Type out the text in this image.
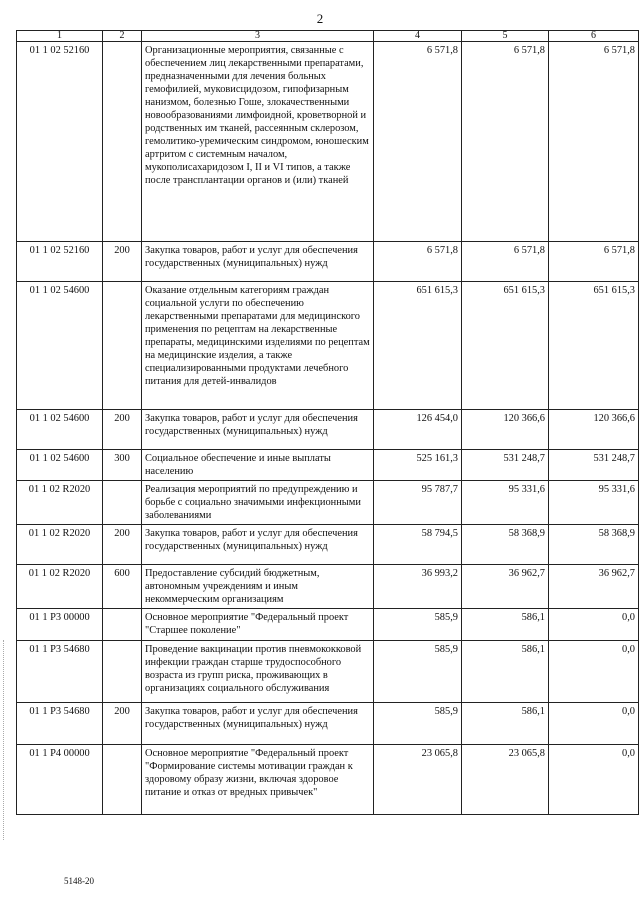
2
1	2	3	4	5	6
01 1 02 52160		Организационные мероприятия, связанные с обеспечением лиц лекарственными препаратами, предназначенными для лечения больных гемофилией, муковисцидозом, гипофизарным нанизмом, болезнью Гоше, злокачественными новообразованиями лимфоидной, кроветворной и родственных им тканей, рассеянным склерозом, гемолитико-уремическим синдромом, юношеским артритом с системным началом, мукополисахаридозом I, II и VI типов, а также после трансплантации органов и (или) тканей	6 571,8	6 571,8	6 571,8
01 1 02 52160	200	Закупка товаров, работ и услуг для обеспечения государственных (муниципальных) нужд	6 571,8	6 571,8	6 571,8
01 1 02 54600		Оказание отдельным категориям граждан социальной услуги по обеспечению лекарственными препаратами для медицинского применения по рецептам на лекарственные препараты, медицинскими изделиями по рецептам на медицинские изделия, а также специализированными продуктами лечебного питания для детей-инвалидов	651 615,3	651 615,3	651 615,3
01 1 02 54600	200	Закупка товаров, работ и услуг для обеспечения государственных (муниципальных) нужд	126 454,0	120 366,6	120 366,6
01 1 02 54600	300	Социальное обеспечение и иные выплаты населению	525 161,3	531 248,7	531 248,7
01 1 02 R2020		Реализация мероприятий по предупреждению и борьбе с социально значимыми инфекционными заболеваниями	95 787,7	95 331,6	95 331,6
01 1 02 R2020	200	Закупка товаров, работ и услуг для обеспечения государственных (муниципальных) нужд	58 794,5	58 368,9	58 368,9
01 1 02 R2020	600	Предоставление субсидий бюджетным, автономным учреждениям и иным некоммерческим организациям	36 993,2	36 962,7	36 962,7
01 1 P3 00000		Основное мероприятие "Федеральный проект "Старшее поколение"	585,9	586,1	0,0
01 1 P3 54680		Проведение вакцинации против пневмококковой инфекции граждан старше трудоспособного возраста из групп риска, проживающих в организациях социального обслуживания	585,9	586,1	0,0
01 1 P3 54680	200	Закупка товаров, работ и услуг для обеспечения государственных (муниципальных) нужд	585,9	586,1	0,0
01 1 P4 00000		Основное мероприятие "Федеральный проект "Формирование системы мотивации граждан к здоровому образу жизни, включая здоровое питание и отказ от вредных привычек"	23 065,8	23 065,8	0,0
5148-20
